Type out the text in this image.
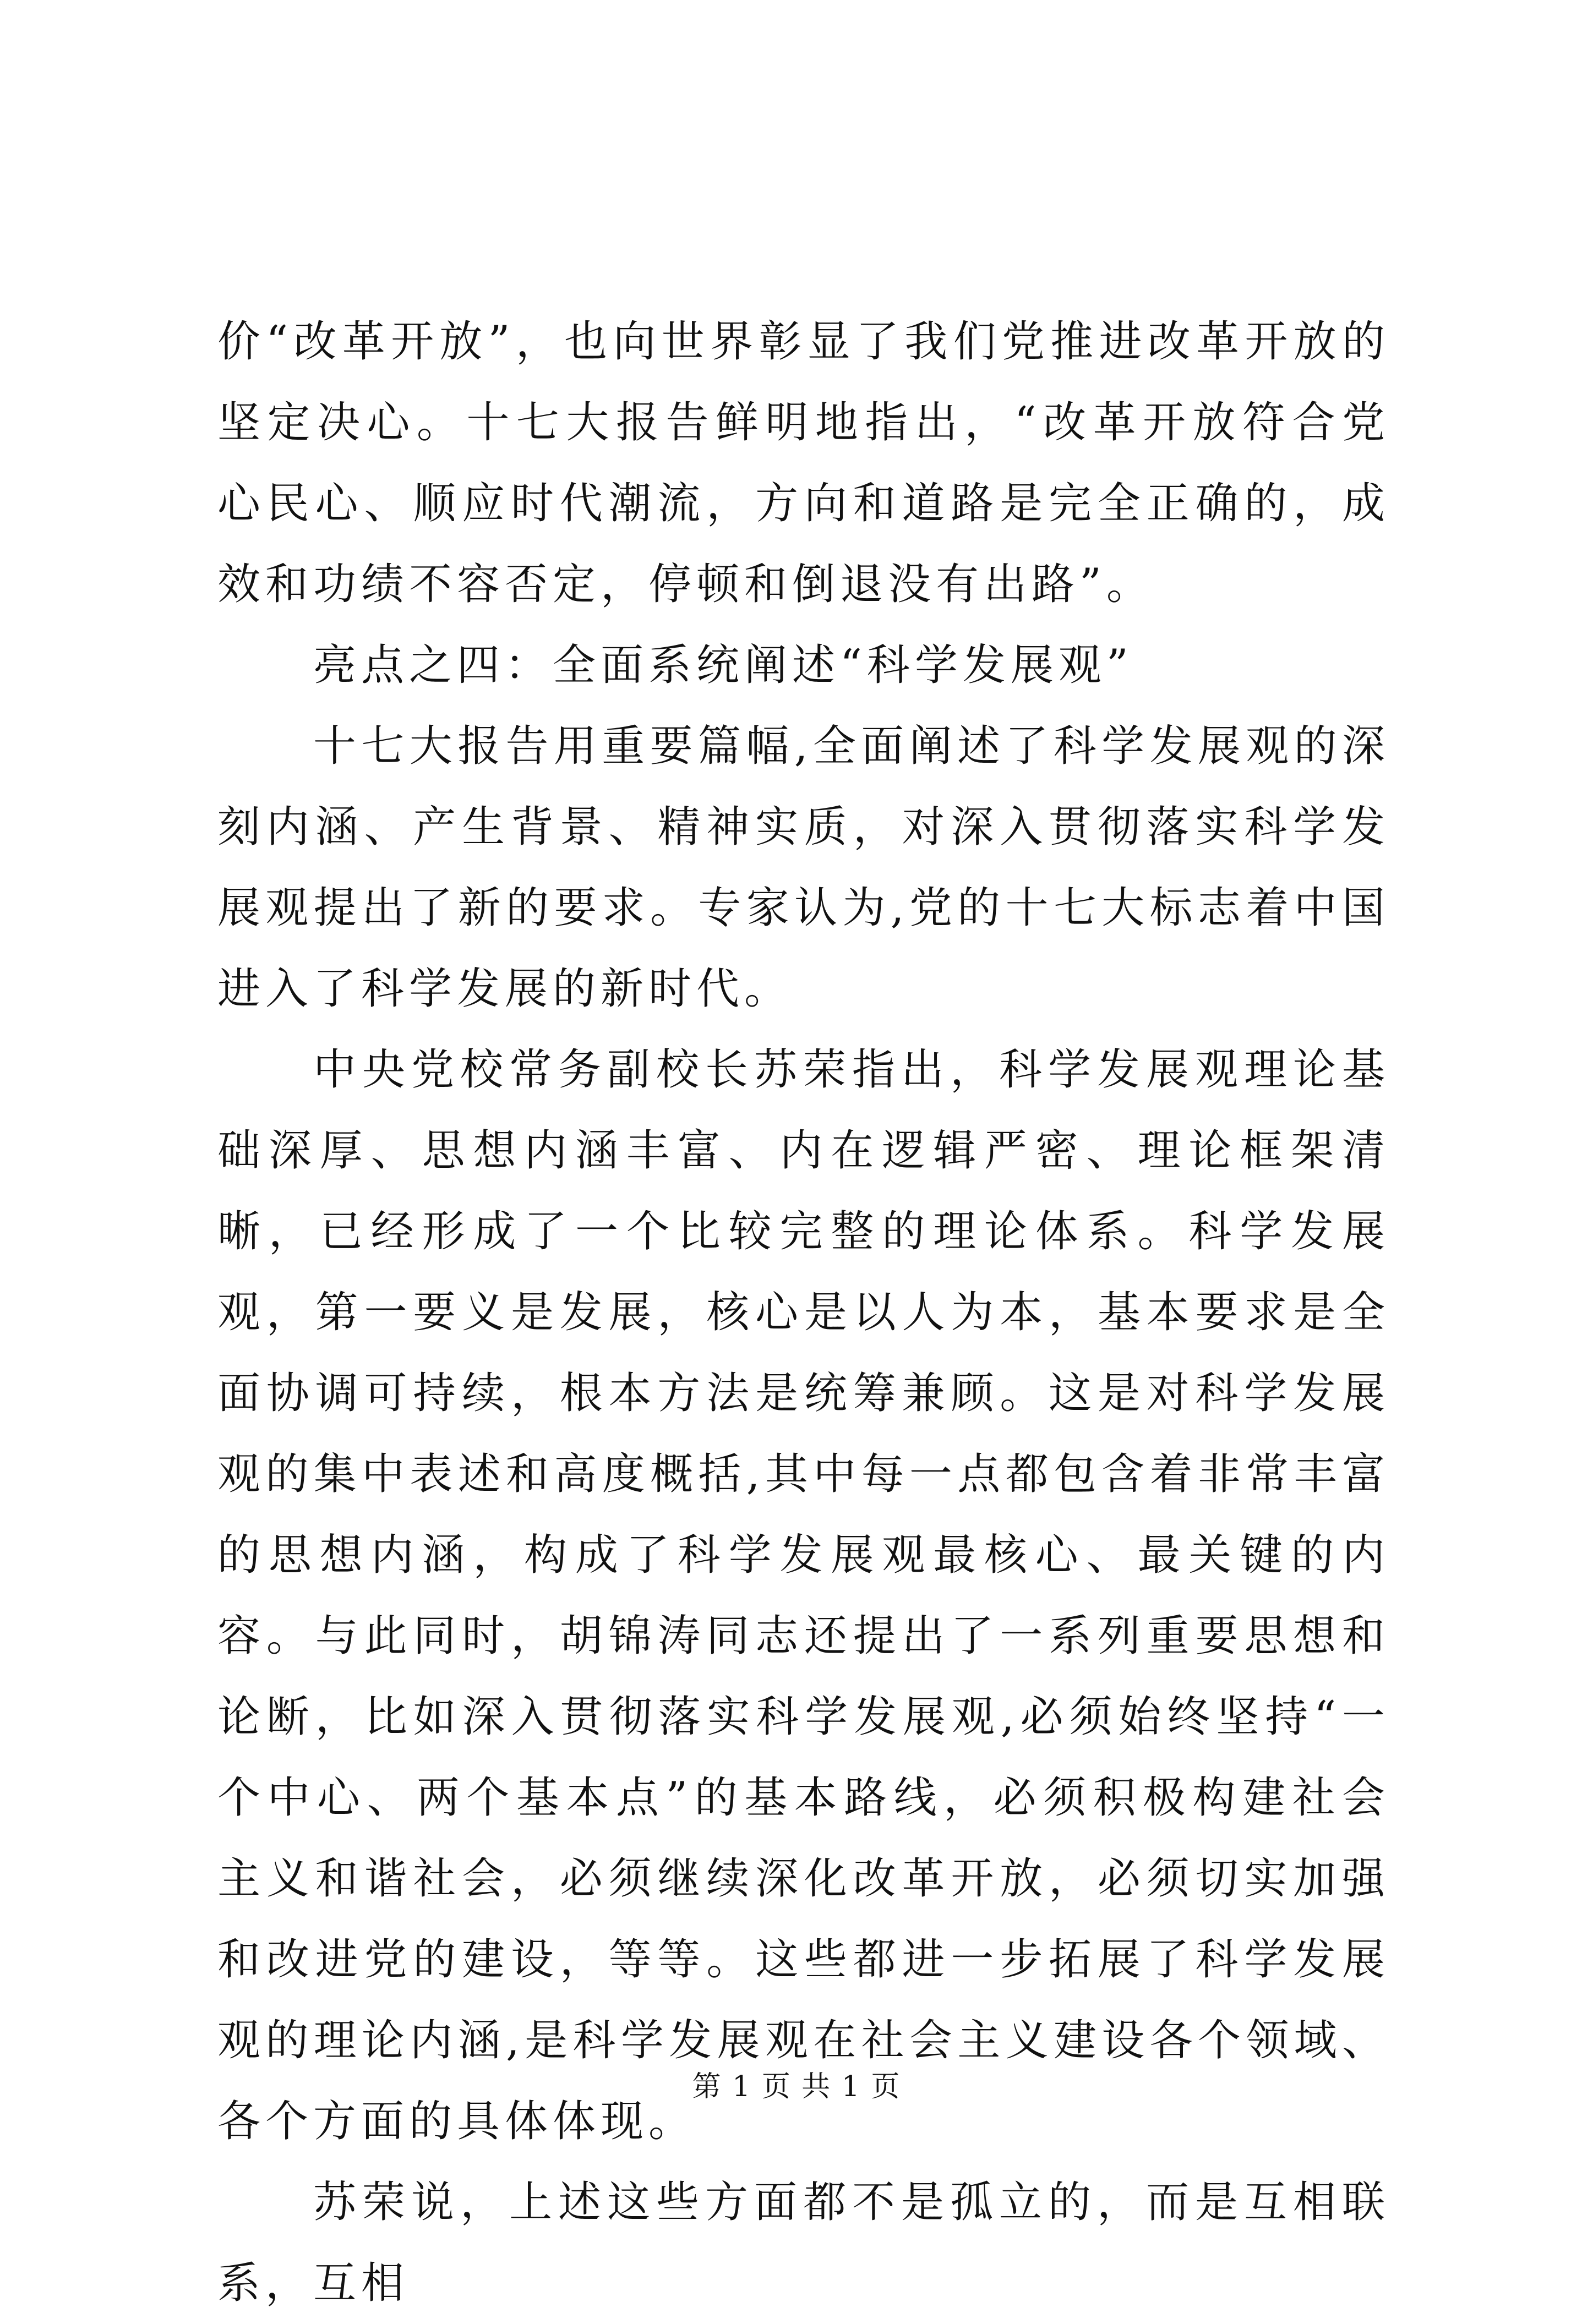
价“改革开放”，也向世界彰显了我们党推进改革开放的坚定决心。十七大报告鲜明地指出，“改革开放符合党心民心、顺应时代潮流，方向和道路是完全正确的，成效和功绩不容否定，停顿和倒退没有出路”。

亮点之四：全面系统阐述“科学发展观”

十七大报告用重要篇幅,全面阐述了科学发展观的深刻内涵、产生背景、精神实质，对深入贯彻落实科学发展观提出了新的要求。专家认为,党的十七大标志着中国进入了科学发展的新时代。

中央党校常务副校长苏荣指出，科学发展观理论基础深厚、思想内涵丰富、内在逻辑严密、理论框架清晰，已经形成了一个比较完整的理论体系。科学发展观，第一要义是发展，核心是以人为本，基本要求是全面协调可持续，根本方法是统筹兼顾。这是对科学发展观的集中表述和高度概括,其中每一点都包含着非常丰富的思想内涵，构成了科学发展观最核心、最关键的内容。与此同时，胡锦涛同志还提出了一系列重要思想和论断，比如深入贯彻落实科学发展观,必须始终坚持“一个中心、两个基本点”的基本路线，必须积极构建社会主义和谐社会，必须继续深化改革开放，必须切实加强和改进党的建设，等等。这些都进一步拓展了科学发展观的理论内涵,是科学发展观在社会主义建设各个领域、各个方面的具体体现。

苏荣说，上述这些方面都不是孤立的，而是互相联系，互相

第 1 页 共 1 页
